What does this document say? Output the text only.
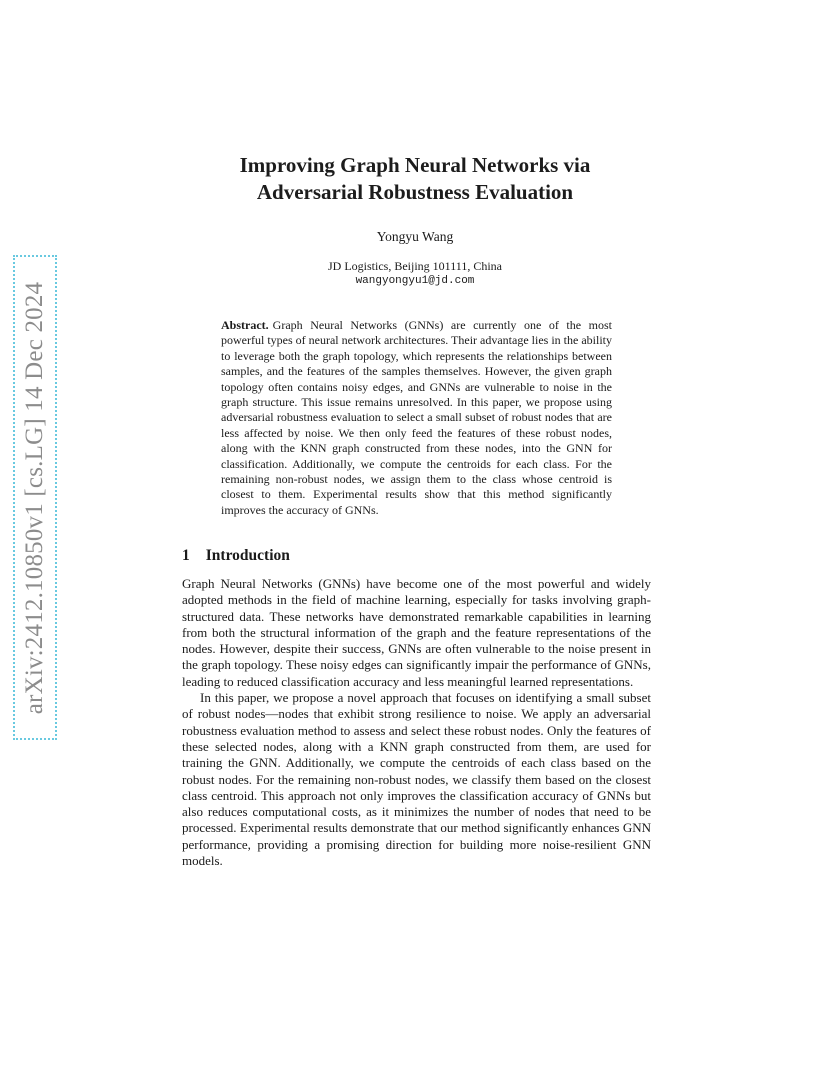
arXiv:2412.10850v1 [cs.LG] 14 Dec 2024
Improving Graph Neural Networks via
Adversarial Robustness Evaluation
Yongyu Wang
JD Logistics, Beijing 101111, China
wangyongyu1@jd.com
Abstract. Graph Neural Networks (GNNs) are currently one of the most powerful types of neural network architectures. Their advantage lies in the ability to leverage both the graph topology, which represents the relationships between samples, and the features of the samples themselves. However, the given graph topology often contains noisy edges, and GNNs are vulnerable to noise in the graph structure. This issue remains unresolved. In this paper, we propose using adversarial robustness evaluation to select a small subset of robust nodes that are less affected by noise. We then only feed the features of these robust nodes, along with the KNN graph constructed from these nodes, into the GNN for classification. Additionally, we compute the centroids for each class. For the remaining non-robust nodes, we assign them to the class whose centroid is closest to them. Experimental results show that this method significantly improves the accuracy of GNNs.
1 Introduction

Graph Neural Networks (GNNs) have become one of the most powerful and widely adopted methods in the field of machine learning, especially for tasks involving graph-structured data. These networks have demonstrated remarkable capabilities in learning from both the structural information of the graph and the feature representations of the nodes. However, despite their success, GNNs are often vulnerable to the noise present in the graph topology. These noisy edges can significantly impair the performance of GNNs, leading to reduced classification accuracy and less meaningful learned representations.

In this paper, we propose a novel approach that focuses on identifying a small subset of robust nodes—nodes that exhibit strong resilience to noise. We apply an adversarial robustness evaluation method to assess and select these robust nodes. Only the features of these selected nodes, along with a KNN graph constructed from them, are used for training the GNN. Additionally, we compute the centroids of each class based on the robust nodes. For the remaining non-robust nodes, we classify them based on the closest class centroid. This approach not only improves the classification accuracy of GNNs but also reduces computational costs, as it minimizes the number of nodes that need to be processed. Experimental results demonstrate that our method significantly enhances GNN performance, providing a promising direction for building more noise-resilient GNN models.
